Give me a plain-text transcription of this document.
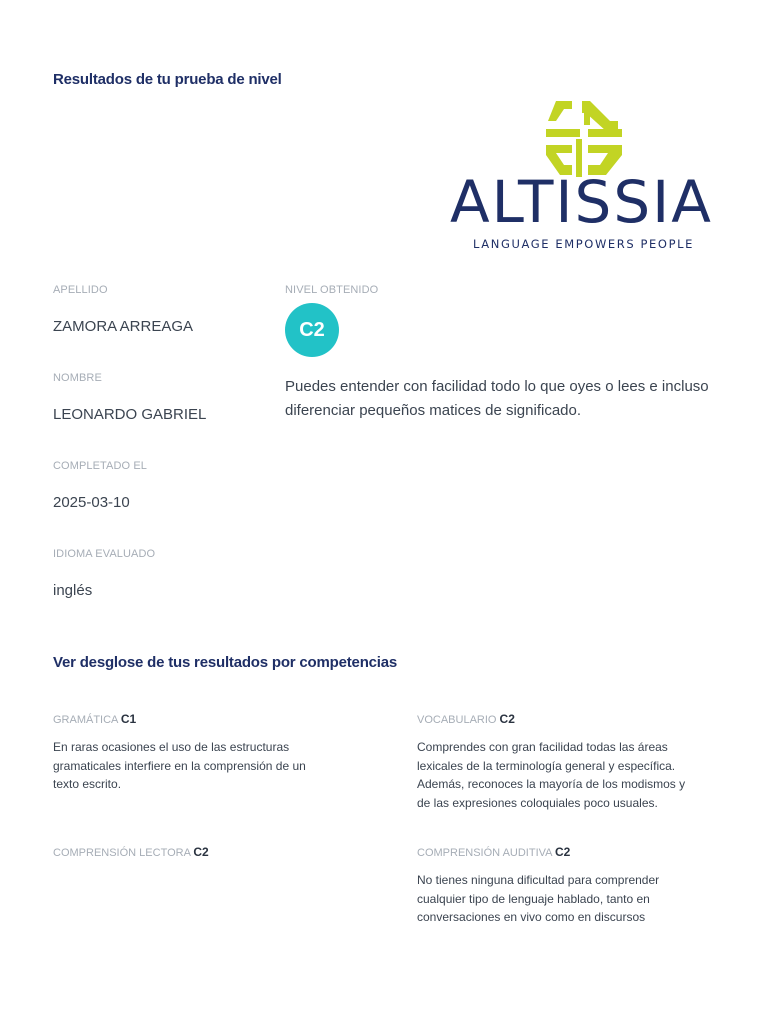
Resultados de tu prueba de nivel
ALTISSIA
LANGUAGE EMPOWERS PEOPLE
APELLIDO
ZAMORA ARREAGA
NOMBRE
LEONARDO GABRIEL
COMPLETADO EL
2025-03-10
IDIOMA EVALUADO
inglés
NIVEL OBTENIDO
C2
Puedes entender con facilidad todo lo que oyes o lees e incluso diferenciar pequeños matices de significado.
Ver desglose de tus resultados por competencias
GRAMÁTICA C1
En raras ocasiones el uso de las estructuras gramaticales interfiere en la comprensión de un texto escrito.
VOCABULARIO C2
Comprendes con gran facilidad todas las áreas lexicales de la terminología general y específica. Además, reconoces la mayoría de los modismos y de las expresiones coloquiales poco usuales.
COMPRENSIÓN LECTORA C2	COMPRENSIÓN AUDITIVA C2
No tienes ninguna dificultad para comprender cualquier tipo de lenguaje hablado, tanto en conversaciones en vivo como en discursos
